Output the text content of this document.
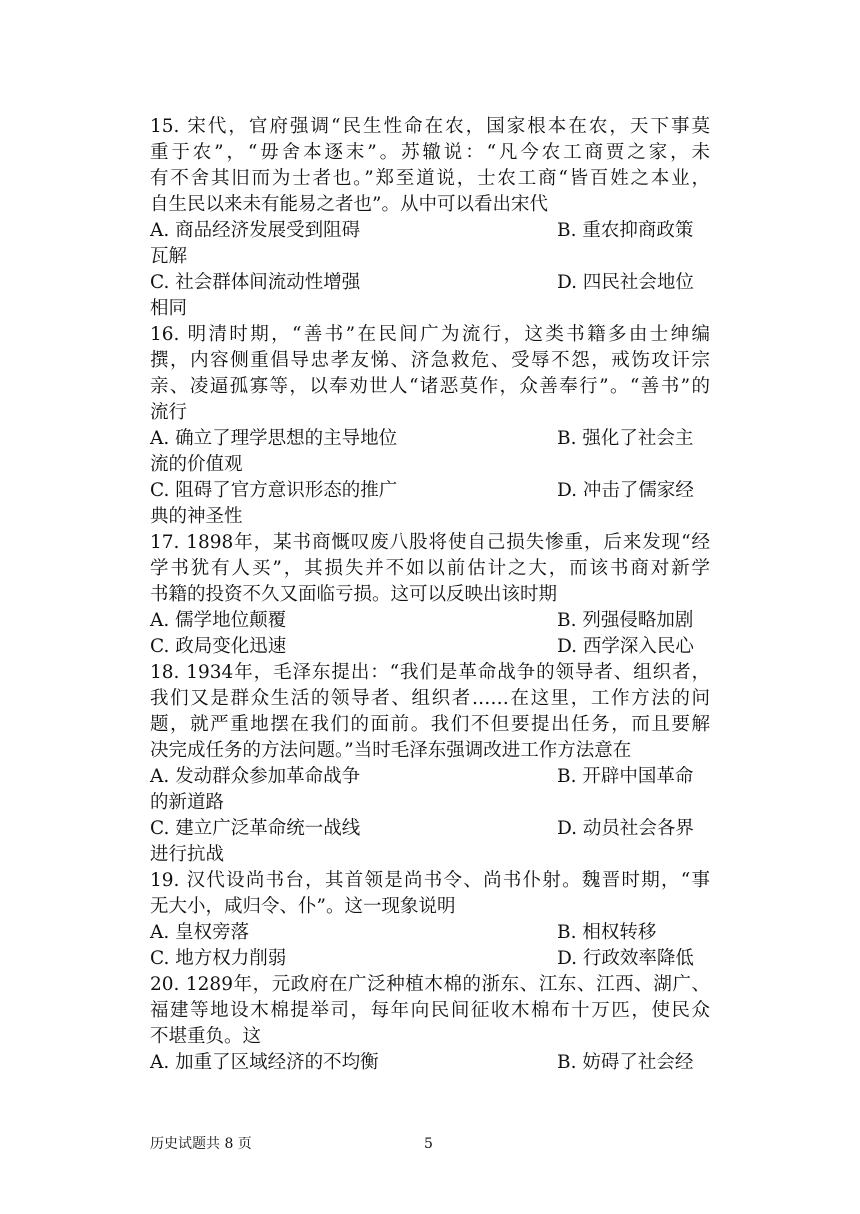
15. 宋代，官府强调“民生性命在农，国家根本在农，天下事莫
重于农”，“毋舍本逐末”。苏辙说：“凡今农工商贾之家，未
有不舍其旧而为士者也。”郑至道说，士农工商“皆百姓之本业，
自生民以来未有能易之者也”。从中可以看出宋代
A. 商品经济发展受到阻碍	B. 重农抑商政策
瓦解
C. 社会群体间流动性增强	D. 四民社会地位
相同
16. 明清时期，“善书”在民间广为流行，这类书籍多由士绅编
撰，内容侧重倡导忠孝友悌、济急救危、受辱不怨，戒饬攻讦宗
亲、凌逼孤寡等，以奉劝世人“诸恶莫作，众善奉行”。“善书”的
流行
A. 确立了理学思想的主导地位	B. 强化了社会主
流的价值观
C. 阻碍了官方意识形态的推广	D. 冲击了儒家经
典的神圣性
17. 1898年，某书商慨叹废八股将使自己损失惨重，后来发现“经
学书犹有人买”，其损失并不如以前估计之大，而该书商对新学
书籍的投资不久又面临亏损。这可以反映出该时期
A. 儒学地位颠覆	B. 列强侵略加剧
C. 政局变化迅速	D. 西学深入民心
18. 1934年，毛泽东提出：“我们是革命战争的领导者、组织者，
我们又是群众生活的领导者、组织者……在这里，工作方法的问
题，就严重地摆在我们的面前。我们不但要提出任务，而且要解
决完成任务的方法问题。”当时毛泽东强调改进工作方法意在
A. 发动群众参加革命战争	B. 开辟中国革命
的新道路
C. 建立广泛革命统一战线	D. 动员社会各界
进行抗战
19. 汉代设尚书台，其首领是尚书令、尚书仆射。魏晋时期，“事
无大小，咸归令、仆”。这一现象说明
A. 皇权旁落	B. 相权转移
C. 地方权力削弱	D. 行政效率降低
20. 1289年，元政府在广泛种植木棉的浙东、江东、江西、湖广、
福建等地设木棉提举司，每年向民间征收木棉布十万匹，使民众
不堪重负。这
A. 加重了区域经济的不均衡	B. 妨碍了社会经
历史试题共 8 页	5
